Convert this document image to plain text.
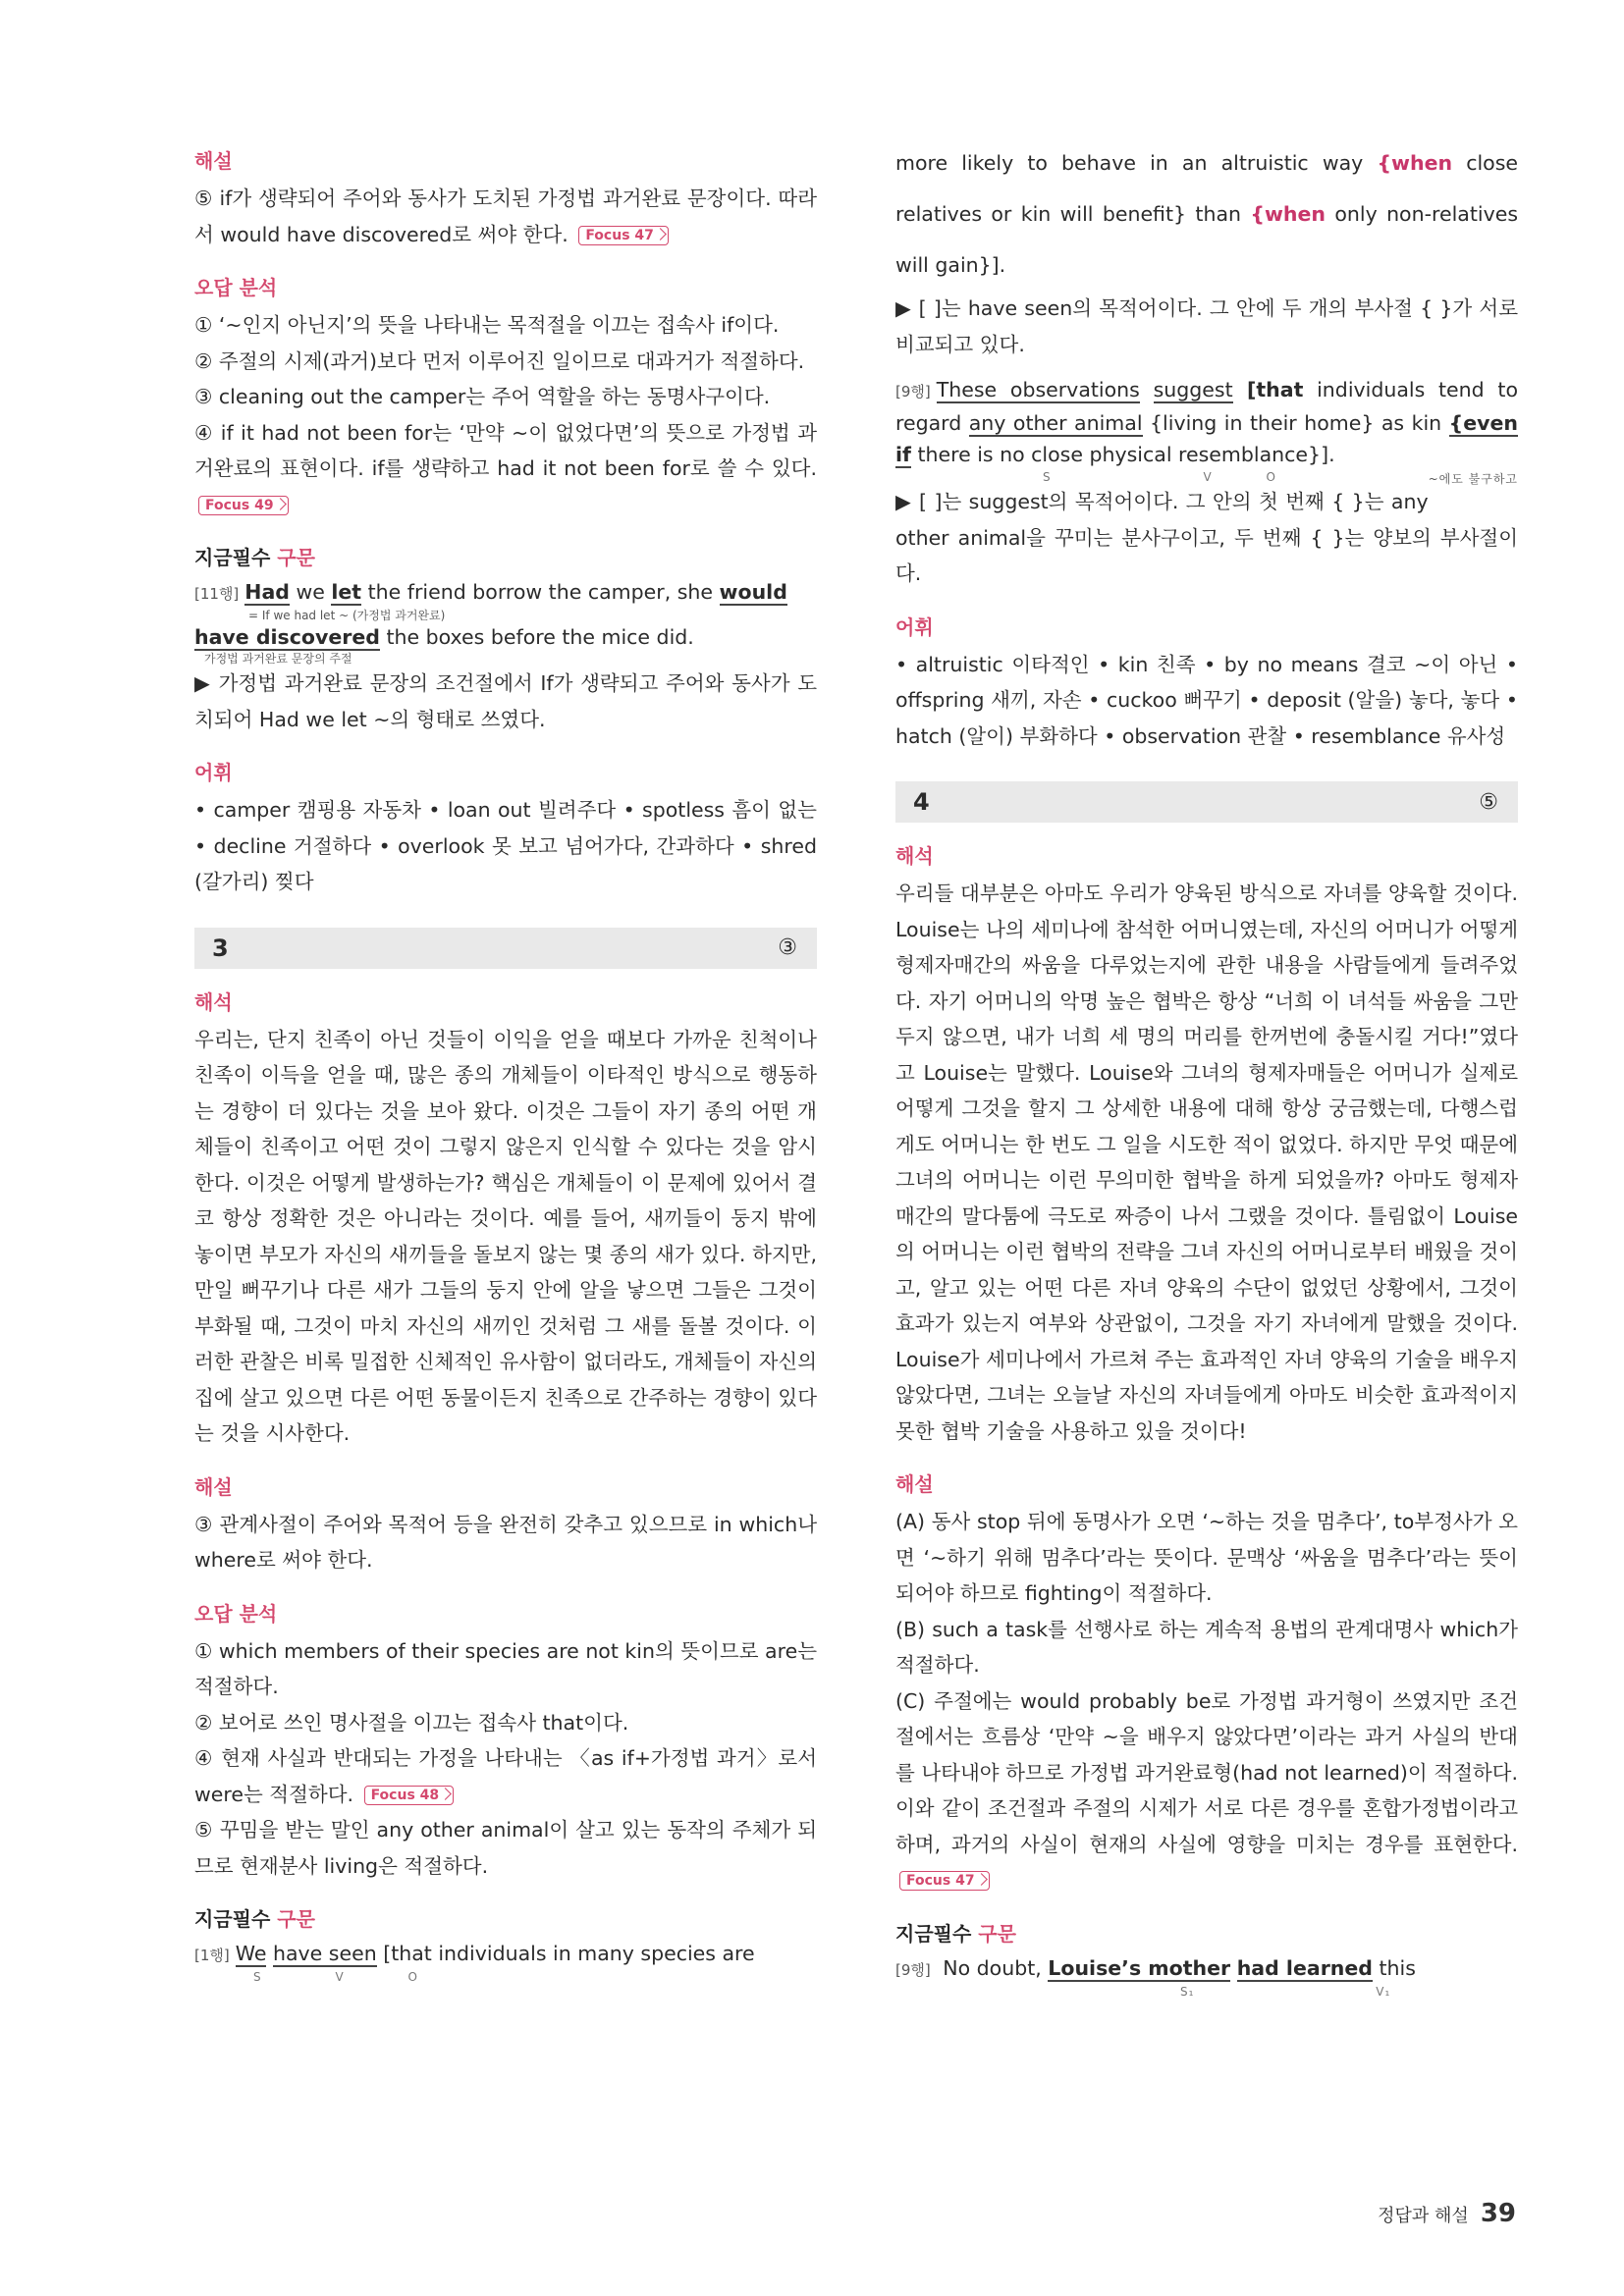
해설

⑤ if가 생략되어 주어와 동사가 도치된 가정법 과거완료 문장이다. 따라서 would have discovered로 써야 한다. Focus 47

오답 분석

① ‘~인지 아닌지’의 뜻을 나타내는 목적절을 이끄는 접속사 if이다.

② 주절의 시제(과거)보다 먼저 이루어진 일이므로 대과거가 적절하다.

③ cleaning out the camper는 주어 역할을 하는 동명사구이다.

④ if it had not been for는 ‘만약 ~이 없었다면’의 뜻으로 가정법 과거완료의 표현이다. if를 생략하고 had it not been for로 쓸 수 있다. Focus 49

지금필수 구문

[11행] Had we let the friend borrow the camper, she would

= If we had let ~ (가정법 과거완료)

have discovered the boxes before the mice did.

가정법 과거완료 문장의 주절

▶ 가정법 과거완료 문장의 조건절에서 If가 생략되고 주어와 동사가 도치되어 Had we let ~의 형태로 쓰였다.

어휘

• camper 캠핑용 자동차 • loan out 빌려주다 • spotless 흠이 없는 • decline 거절하다 • overlook 못 보고 넘어가다, 간과하다 • shred (갈가리) 찢다

3	③
해석

우리는, 단지 친족이 아닌 것들이 이익을 얻을 때보다 가까운 친척이나 친족이 이득을 얻을 때, 많은 종의 개체들이 이타적인 방식으로 행동하는 경향이 더 있다는 것을 보아 왔다. 이것은 그들이 자기 종의 어떤 개체들이 친족이고 어떤 것이 그렇지 않은지 인식할 수 있다는 것을 암시한다. 이것은 어떻게 발생하는가? 핵심은 개체들이 이 문제에 있어서 결코 항상 정확한 것은 아니라는 것이다. 예를 들어, 새끼들이 둥지 밖에 놓이면 부모가 자신의 새끼들을 돌보지 않는 몇 종의 새가 있다. 하지만, 만일 뻐꾸기나 다른 새가 그들의 둥지 안에 알을 낳으면 그들은 그것이 부화될 때, 그것이 마치 자신의 새끼인 것처럼 그 새를 돌볼 것이다. 이러한 관찰은 비록 밀접한 신체적인 유사함이 없더라도, 개체들이 자신의 집에 살고 있으면 다른 어떤 동물이든지 친족으로 간주하는 경향이 있다는 것을 시사한다.

해설

③ 관계사절이 주어와 목적어 등을 완전히 갖추고 있으므로 in which나 where로 써야 한다.

오답 분석

① which members of their species are not kin의 뜻이므로 are는 적절하다.

② 보어로 쓰인 명사절을 이끄는 접속사 that이다.

④ 현재 사실과 반대되는 가정을 나타내는 〈as if+가정법 과거〉로서 were는 적절하다. Focus 48

⑤ 꾸밈을 받는 말인 any other animal이 살고 있는 동작의 주체가 되므로 현재분사 living은 적절하다.

지금필수 구문

[1행] We have seen [that individuals in many species are

S	V	O

more likely to behave in an altruistic way {when close relatives or kin will benefit} than {when only non-relatives will gain}].

▶ [ ]는 have seen의 목적어이다. 그 안에 두 개의 부사절 { }가 서로 비교되고 있다.

[9행] These observations suggest [that individuals tend to regard any other animal {living in their home} as kin {even if there is no close physical resemblance}].

S	V	O	~에도 불구하고

▶ [ ]는 suggest의 목적어이다. 그 안의 첫 번째 { }는 any other animal을 꾸미는 분사구이고, 두 번째 { }는 양보의 부사절이다.

어휘

• altruistic 이타적인 • kin 친족 • by no means 결코 ~이 아닌 • offspring 새끼, 자손 • cuckoo 뻐꾸기 • deposit (알을) 놓다, 놓다 • hatch (알이) 부화하다 • observation 관찰 • resemblance 유사성

4	⑤
해석

우리들 대부분은 아마도 우리가 양육된 방식으로 자녀를 양육할 것이다. Louise는 나의 세미나에 참석한 어머니였는데, 자신의 어머니가 어떻게 형제자매간의 싸움을 다루었는지에 관한 내용을 사람들에게 들려주었다. 자기 어머니의 악명 높은 협박은 항상 “너희 이 녀석들 싸움을 그만두지 않으면, 내가 너희 세 명의 머리를 한꺼번에 충돌시킬 거다!”였다고 Louise는 말했다. Louise와 그녀의 형제자매들은 어머니가 실제로 어떻게 그것을 할지 그 상세한 내용에 대해 항상 궁금했는데, 다행스럽게도 어머니는 한 번도 그 일을 시도한 적이 없었다. 하지만 무엇 때문에 그녀의 어머니는 이런 무의미한 협박을 하게 되었을까? 아마도 형제자매간의 말다툼에 극도로 짜증이 나서 그랬을 것이다. 틀림없이 Louise의 어머니는 이런 협박의 전략을 그녀 자신의 어머니로부터 배웠을 것이고, 알고 있는 어떤 다른 자녀 양육의 수단이 없었던 상황에서, 그것이 효과가 있는지 여부와 상관없이, 그것을 자기 자녀에게 말했을 것이다. Louise가 세미나에서 가르쳐 주는 효과적인 자녀 양육의 기술을 배우지 않았다면, 그녀는 오늘날 자신의 자녀들에게 아마도 비슷한 효과적이지 못한 협박 기술을 사용하고 있을 것이다!

해설

(A) 동사 stop 뒤에 동명사가 오면 ‘~하는 것을 멈추다’, to부정사가 오면 ‘~하기 위해 멈추다’라는 뜻이다. 문맥상 ‘싸움을 멈추다’라는 뜻이 되어야 하므로 fighting이 적절하다.

(B) such a task를 선행사로 하는 계속적 용법의 관계대명사 which가 적절하다.

(C) 주절에는 would probably be로 가정법 과거형이 쓰였지만 조건절에서는 흐름상 ‘만약 ~을 배우지 않았다면’이라는 과거 사실의 반대를 나타내야 하므로 가정법 과거완료형(had not learned)이 적절하다. 이와 같이 조건절과 주절의 시제가 서로 다른 경우를 혼합가정법이라고 하며, 과거의 사실이 현재의 사실에 영향을 미치는 경우를 표현한다. Focus 47

지금필수 구문

[9행] No doubt, Louise’s mother had learned this

S₁	V₁
정답과 해설 39
